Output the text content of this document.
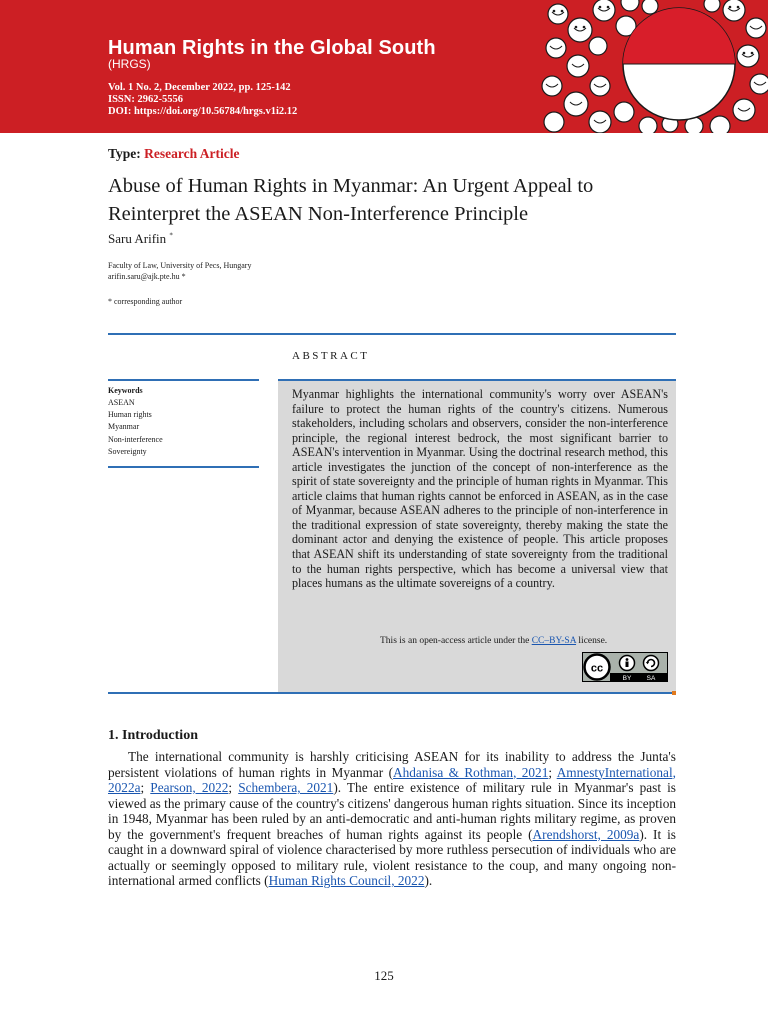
Human Rights in the Global South
(HRGS)
Vol. 1 No. 2, December 2022, pp. 125-142
ISSN: 2962-5556
DOI: https://doi.org/10.56784/hrgs.v1i2.12
Type: Research Article
Abuse of Human Rights in Myanmar: An Urgent Appeal to Reinterpret the ASEAN Non-Interference Principle
Saru Arifin *
Faculty of Law, University of Pecs, Hungary
arifin.saru@ajk.pte.hu *
* corresponding author
ABSTRACT
Keywords
ASEAN
Human rights
Myanmar
Non-interference
Sovereignty

Myanmar highlights the international community's worry over ASEAN's failure to protect the human rights of the country's citizens. Numerous stakeholders, including scholars and observers, consider the non-interference principle, the regional interest bedrock, the most significant barrier to ASEAN's intervention in Myanmar. Using the doctrinal research method, this article investigates the junction of the concept of non-interference as the spirit of state sovereignty and the principle of human rights in Myanmar. This article claims that human rights cannot be enforced in ASEAN, as in the case of Myanmar, because ASEAN adheres to the principle of non-interference in the traditional expression of state sovereignty, thereby making the state the dominant actor and denying the existence of people. This article proposes that ASEAN shift its understanding of state sovereignty from the traditional to the human rights perspective, which has become a universal view that places humans as the ultimate sovereigns of a country.

This is an open-access article under the CC–BY-SA license.
cc
BY SA
1. Introduction

The international community is harshly criticising ASEAN for its inability to address the Junta's persistent violations of human rights in Myanmar (Ahdanisa & Rothman, 2021; AmnestyInternational, 2022a; Pearson, 2022; Schembera, 2021). The entire existence of military rule in Myanmar's past is viewed as the primary cause of the country's citizens' dangerous human rights situation. Since its inception in 1948, Myanmar has been ruled by an anti-democratic and anti-human rights military regime, as proven by the government's frequent breaches of human rights against its people (Arendshorst, 2009a). It is caught in a downward spiral of violence characterised by more ruthless persecution of individuals who are actually or seemingly opposed to military rule, violent resistance to the coup, and many ongoing non-international armed conflicts (Human Rights Council, 2022).

125
